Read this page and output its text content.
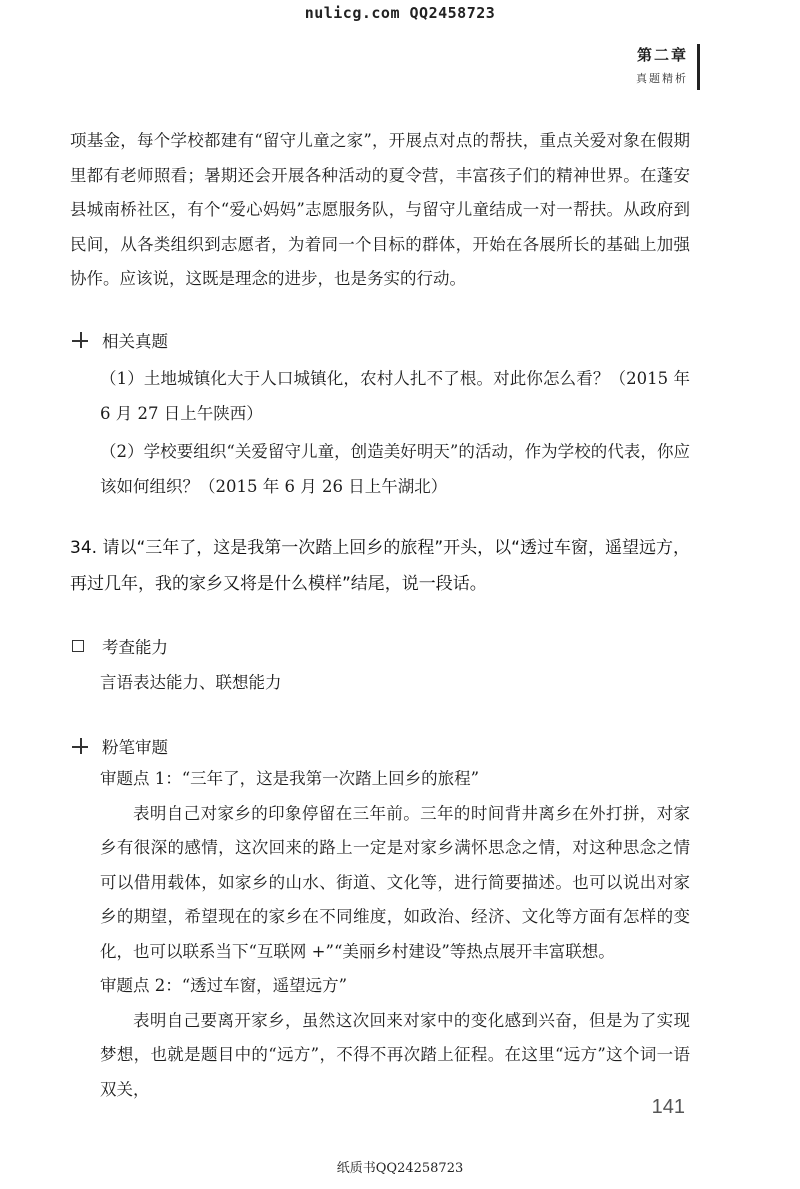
nulicg.com QQ2458723
第二章
真题精析

项基金，每个学校都建有“留守儿童之家”，开展点对点的帮扶，重点关爱对象在假期里都有老师照看；暑期还会开展各种活动的夏令营，丰富孩子们的精神世界。在蓬安县城南桥社区，有个“爱心妈妈”志愿服务队，与留守儿童结成一对一帮扶。从政府到民间，从各类组织到志愿者，为着同一个目标的群体，开始在各展所长的基础上加强协作。应该说，这既是理念的进步，也是务实的行动。

相关真题

（1）土地城镇化大于人口城镇化，农村人扎不了根。对此你怎么看？（2015 年 6 月 27 日上午陕西）

（2）学校要组织“关爱留守儿童，创造美好明天”的活动，作为学校的代表，你应该如何组织？（2015 年 6 月 26 日上午湖北）

34. 请以“三年了，这是我第一次踏上回乡的旅程”开头，以“透过车窗，遥望远方，再过几年，我的家乡又将是什么模样”结尾，说一段话。

考查能力

言语表达能力、联想能力

粉笔审题

审题点 1：“三年了，这是我第一次踏上回乡的旅程”

表明自己对家乡的印象停留在三年前。三年的时间背井离乡在外打拼，对家乡有很深的感情，这次回来的路上一定是对家乡满怀思念之情，对这种思念之情可以借用载体，如家乡的山水、街道、文化等，进行简要描述。也可以说出对家乡的期望，希望现在的家乡在不同维度，如政治、经济、文化等方面有怎样的变化，也可以联系当下“互联网 +”“美丽乡村建设”等热点展开丰富联想。

审题点 2：“透过车窗，遥望远方”

表明自己要离开家乡，虽然这次回来对家中的变化感到兴奋，但是为了实现梦想，也就是题目中的“远方”，不得不再次踏上征程。在这里“远方”这个词一语双关，

141
纸质书QQ24258723
